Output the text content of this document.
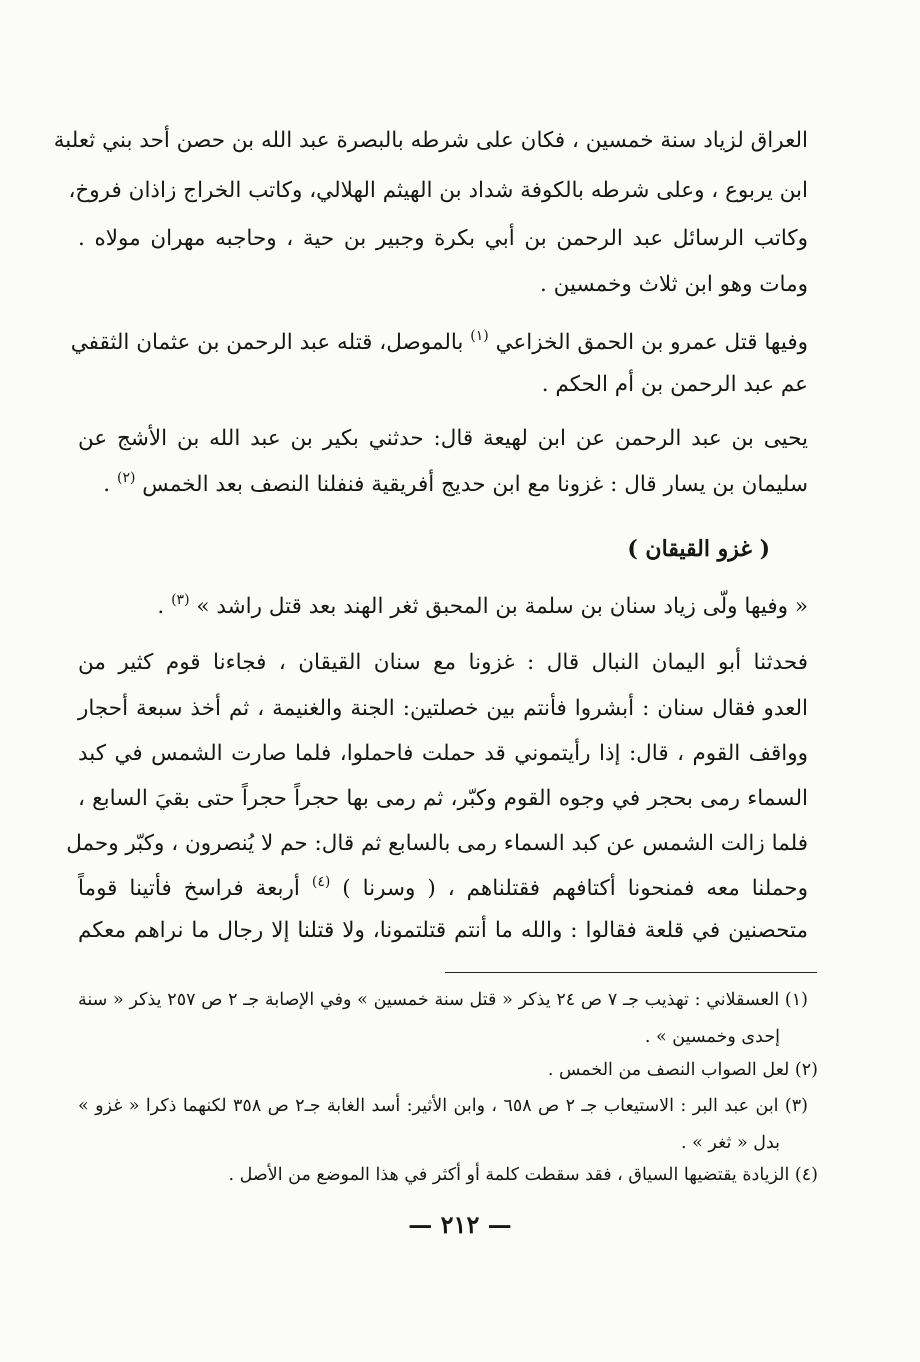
العراق لزياد سنة خمسين ، فكان على شرطه بالبصرة عبد الله بن حصن أحد بني ثعلبة
ابن يربوع ، وعلى شرطه بالكوفة شداد بن الهيثم الهلالي، وكاتب الخراج زاذان فروخ،
وكاتب الرسائل عبد الرحمن بن أبي بكرة وجبير بن حية ، وحاجبه مهران مولاه .
ومات وهو ابن ثلاث وخمسين .
وفيها قتل عمرو بن الحمق الخزاعي $^{(١)}$ بالموصل، قتله عبد الرحمن بن عثمان الثقفي
عم عبد الرحمن بن أم الحكم .
يحيى بن عبد الرحمن عن ابن لهيعة قال: حدثني بكير بن عبد الله بن الأشج عن
سليمان بن يسار قال : غزونا مع ابن حديج أفريقية فنفلنا النصف بعد الخمس $^{(٢)}$ .
( غزو القيقان )
« وفيها ولّى زياد سنان بن سلمة بن المحبق ثغر الهند بعد قتل راشد » $^{(٣)}$ .
فحدثنا أبو اليمان النبال قال : غزونا مع سنان القيقان ، فجاءنا قوم كثير من
العدو فقال سنان : أبشروا فأنتم بين خصلتين: الجنة والغنيمة ، ثم أخذ سبعة أحجار
وواقف القوم ، قال: إذا رأيتموني قد حملت فاحملوا، فلما صارت الشمس في كبد
السماء رمى بحجر في وجوه القوم وكبّر، ثم رمى بها حجراً حجراً حتى بقيَ السابع ،
فلما زالت الشمس عن كبد السماء رمى بالسابع ثم قال: حم لا يُنصرون ، وكبّر وحمل
وحملنا معه فمنحونا أكتافهم فقتلناهم ، ( وسرنا ) $^{(٤)}$ أربعة فراسخ فأتينا قوماً
متحصنين في قلعة فقالوا : والله ما أنتم قتلتمونا، ولا قتلنا إلا رجال ما نراهم معكم
(١) العسقلاني : تهذيب جـ ٧ ص ٢٤ يذكر « قتل سنة خمسين » وفي الإصابة جـ ٢ ص ٢٥٧ يذكر « سنة
إحدى وخمسين » .
(٢) لعل الصواب النصف من الخمس .
(٣) ابن عبد البر : الاستيعاب جـ ٢ ص ٦٥٨ ، وابن الأثير: أسد الغابة جـ٢ ص ٣٥٨ لكنهما ذكرا « غزو »
بدل « ثغر » .
(٤) الزيادة يقتضيها السياق ، فقد سقطت كلمة أو أكثر في هذا الموضع من الأصل .
— ٢١٢ —
